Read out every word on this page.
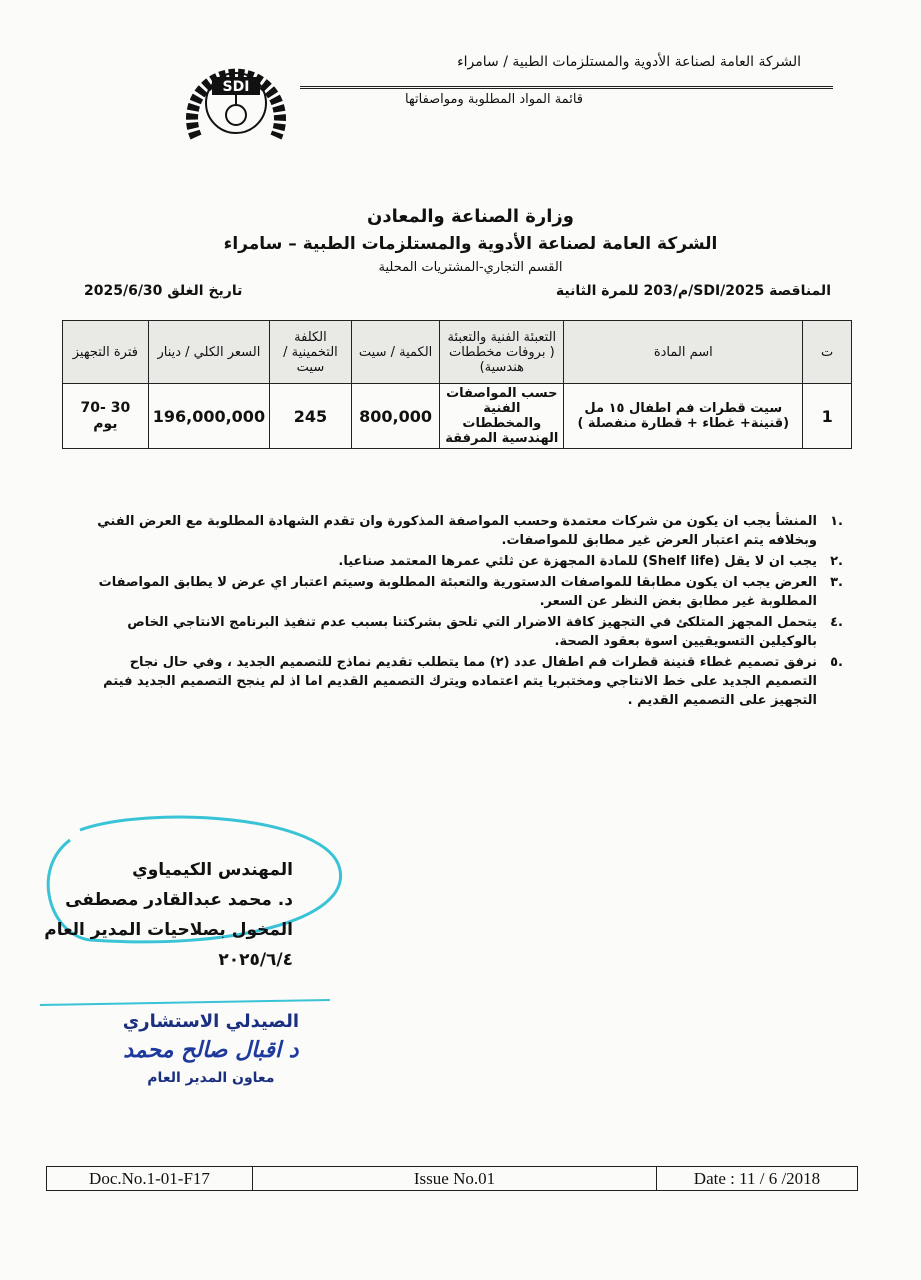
الشركة العامة لصناعة الأدوية والمستلزمات الطبية / سامراء
قائمة المواد المطلوبة ومواصفاتها
SDI
وزارة الصناعة والمعادن
الشركة العامة لصناعة الأدوية والمستلزمات الطبية – سامراء
القسم التجاري-المشتريات المحلية
المناقصة 2025/SDI/م/203 للمرة الثانية
تاريخ الغلق 2025/6/30
ت	اسم المادة	التعبئة الفنية والتعبئة ( بروفات مخططات هندسية)	الكمية / سيت	الكلفة التخمينية / سيت	السعر الكلي / دينار	فترة التجهيز
1	سيت قطرات فم اطفال ١٥ مل (قنينة+ غطاء + قطارة منفصلة )	حسب المواصفات الفنية والمخططات الهندسية المرفقة	800,000	245	196,000,000	30 -70 يوم
.١
المنشأ يجب ان يكون من شركات معتمدة وحسب المواصفة المذكورة وان تقدم الشهادة المطلوبة مع العرض الفني وبخلافه يتم اعتبار العرض غير مطابق للمواصفات.
.٢
يجب ان لا يقل (Shelf life) للمادة المجهزة عن ثلثي عمرها المعتمد صناعيا.
.٣
العرض يجب ان يكون مطابقا للمواصفات الدستورية والتعبئة المطلوبة وسيتم اعتبار اي عرض لا يطابق المواصفات المطلوبة غير مطابق بغض النظر عن السعر.
.٤
يتحمل المجهز المتلكئ في التجهيز كافة الاضرار التي تلحق بشركتنا بسبب عدم تنفيذ البرنامج الانتاجي الخاص بالوكيلين التسويقيين اسوة بعقود الصحة.
.٥
نرفق تصميم غطاء قنينة قطرات فم اطفال عدد (٢) مما يتطلب تقديم نماذج للتصميم الجديد ، وفي حال نجاح التصميم الجديد على خط الانتاجي ومختبريا يتم اعتماده ويترك التصميم القديم اما اذ لم ينجح التصميم الجديد فيتم التجهيز على التصميم القديم .
المهندس الكيمياوي
د. محمد عبدالقادر مصطفى
المخول بصلاحيات المدير العام
٢٠٢٥/٦/٤
الصيدلي الاستشاري
د اقبال صالح محمد
معاون المدير العام
Doc.No.1-01-F17	Issue No.01	Date : 11 / 6 /2018
